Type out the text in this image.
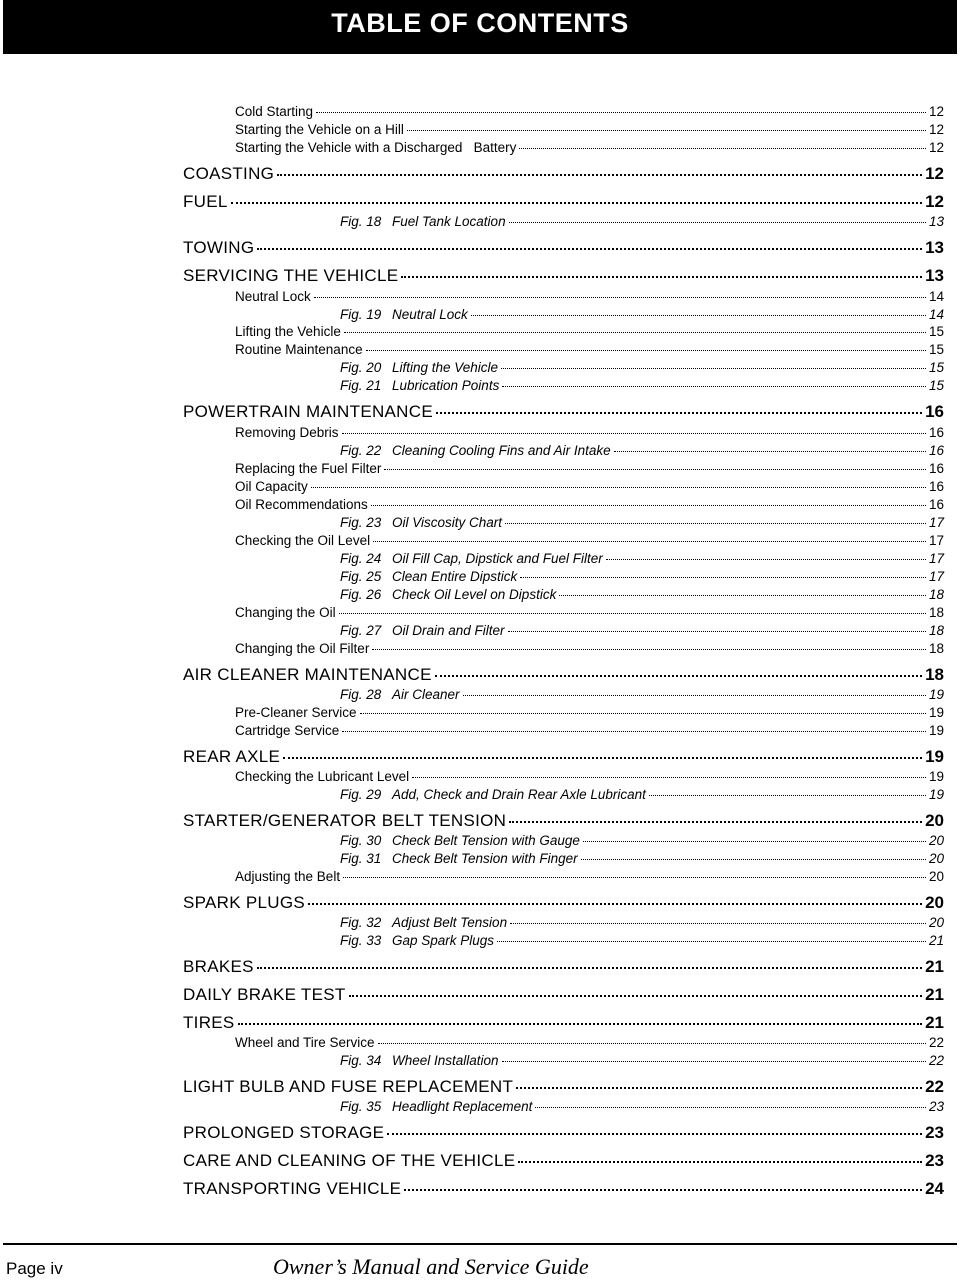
TABLE OF CONTENTS
Cold Starting	12
Starting the Vehicle on a Hill	12
Starting the Vehicle with a Discharged   Battery	12
COASTING	12
FUEL	12
Fig. 18 Fuel Tank Location	13
TOWING	13
SERVICING THE VEHICLE	13
Neutral Lock	14
Fig. 19 Neutral Lock	14
Lifting the Vehicle	15
Routine Maintenance	15
Fig. 20 Lifting the Vehicle	15
Fig. 21 Lubrication Points	15
POWERTRAIN MAINTENANCE	16
Removing Debris	16
Fig. 22 Cleaning Cooling Fins and Air Intake	16
Replacing the Fuel Filter	16
Oil Capacity	16
Oil Recommendations	16
Fig. 23 Oil Viscosity Chart	17
Checking the Oil Level	17
Fig. 24 Oil Fill Cap, Dipstick and Fuel Filter	17
Fig. 25 Clean Entire Dipstick	17
Fig. 26 Check Oil Level on Dipstick	18
Changing the Oil	18
Fig. 27 Oil Drain and Filter	18
Changing the Oil Filter	18
AIR CLEANER MAINTENANCE	18
Fig. 28 Air Cleaner	19
Pre-Cleaner Service	19
Cartridge Service	19
REAR AXLE	19
Checking the Lubricant Level	19
Fig. 29 Add, Check and Drain Rear Axle Lubricant	19
STARTER/GENERATOR BELT TENSION	20
Fig. 30 Check Belt Tension with Gauge	20
Fig. 31 Check Belt Tension with Finger	20
Adjusting the Belt	20
SPARK PLUGS	20
Fig. 32 Adjust Belt Tension	20
Fig. 33 Gap Spark Plugs	21
BRAKES	21
DAILY BRAKE TEST	21
TIRES	21
Wheel and Tire Service	22
Fig. 34 Wheel Installation	22
LIGHT BULB AND FUSE REPLACEMENT	22
Fig. 35 Headlight Replacement	23
PROLONGED STORAGE	23
CARE AND CLEANING OF THE VEHICLE	23
TRANSPORTING VEHICLE	24
Page iv	Owner’s Manual and Service Guide
